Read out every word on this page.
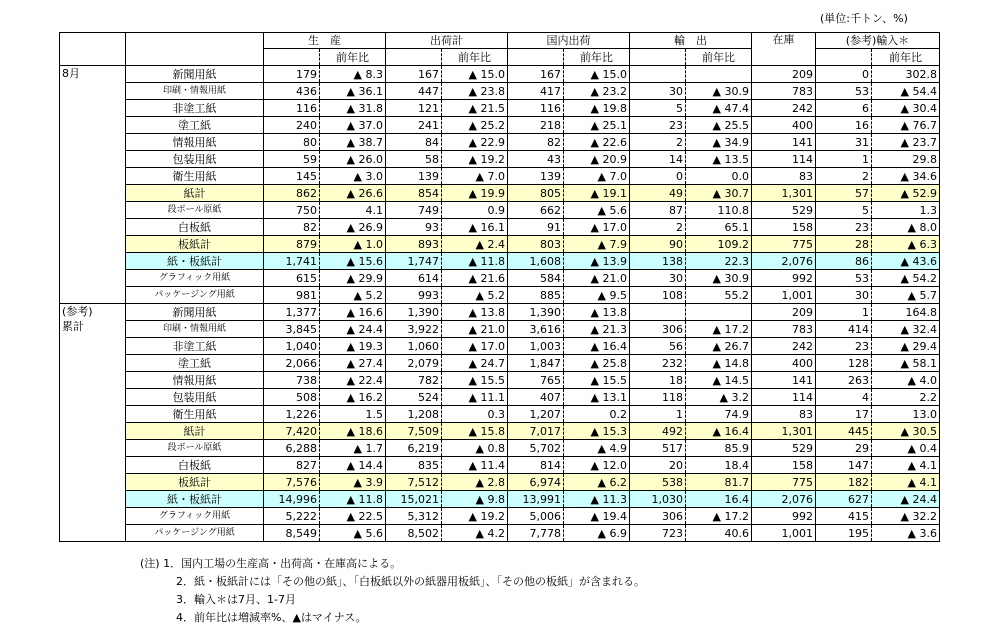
(単位:千トン、%)
		生　産		出荷計		国内出荷		輸　出		在庫	(参考)輸入＊	
			前年比		前年比		前年比		前年比			前年比
8月	新聞用紙	179	▲ 8.3	167	▲ 15.0	167	▲ 15.0			209	0	302.8
	印刷・情報用紙	436	▲ 36.1	447	▲ 23.8	417	▲ 23.2	30	▲ 30.9	783	53	▲ 54.4
	非塗工紙	116	▲ 31.8	121	▲ 21.5	116	▲ 19.8	5	▲ 47.4	242	6	▲ 30.4
	塗工紙	240	▲ 37.0	241	▲ 25.2	218	▲ 25.1	23	▲ 25.5	400	16	▲ 76.7
	情報用紙	80	▲ 38.7	84	▲ 22.9	82	▲ 22.6	2	▲ 34.9	141	31	▲ 23.7
	包装用紙	59	▲ 26.0	58	▲ 19.2	43	▲ 20.9	14	▲ 13.5	114	1	29.8
	衛生用紙	145	▲ 3.0	139	▲ 7.0	139	▲ 7.0	0	0.0	83	2	▲ 34.6
	紙計	862	▲ 26.6	854	▲ 19.9	805	▲ 19.1	49	▲ 30.7	1,301	57	▲ 52.9
	段ボール原紙	750	4.1	749	0.9	662	▲ 5.6	87	110.8	529	5	1.3
	白板紙	82	▲ 26.9	93	▲ 16.1	91	▲ 17.0	2	65.1	158	23	▲ 8.0
	板紙計	879	▲ 1.0	893	▲ 2.4	803	▲ 7.9	90	109.2	775	28	▲ 6.3
	紙・板紙計	1,741	▲ 15.6	1,747	▲ 11.8	1,608	▲ 13.9	138	22.3	2,076	86	▲ 43.6
	グラフィック用紙	615	▲ 29.9	614	▲ 21.6	584	▲ 21.0	30	▲ 30.9	992	53	▲ 54.2
	パッケージング用紙	981	▲ 5.2	993	▲ 5.2	885	▲ 9.5	108	55.2	1,001	30	▲ 5.7
(参考)
累計	新聞用紙	1,377	▲ 16.6	1,390	▲ 13.8	1,390	▲ 13.8			209	1	164.8
	印刷・情報用紙	3,845	▲ 24.4	3,922	▲ 21.0	3,616	▲ 21.3	306	▲ 17.2	783	414	▲ 32.4
	非塗工紙	1,040	▲ 19.3	1,060	▲ 17.0	1,003	▲ 16.4	56	▲ 26.7	242	23	▲ 29.4
	塗工紙	2,066	▲ 27.4	2,079	▲ 24.7	1,847	▲ 25.8	232	▲ 14.8	400	128	▲ 58.1
	情報用紙	738	▲ 22.4	782	▲ 15.5	765	▲ 15.5	18	▲ 14.5	141	263	▲ 4.0
	包装用紙	508	▲ 16.2	524	▲ 11.1	407	▲ 13.1	118	▲ 3.2	114	4	2.2
	衛生用紙	1,226	1.5	1,208	0.3	1,207	0.2	1	74.9	83	17	13.0
	紙計	7,420	▲ 18.6	7,509	▲ 15.8	7,017	▲ 15.3	492	▲ 16.4	1,301	445	▲ 30.5
	段ボール原紙	6,288	▲ 1.7	6,219	▲ 0.8	5,702	▲ 4.9	517	85.9	529	29	▲ 0.4
	白板紙	827	▲ 14.4	835	▲ 11.4	814	▲ 12.0	20	18.4	158	147	▲ 4.1
	板紙計	7,576	▲ 3.9	7,512	▲ 2.8	6,974	▲ 6.2	538	81.7	775	182	▲ 4.1
	紙・板紙計	14,996	▲ 11.8	15,021	▲ 9.8	13,991	▲ 11.3	1,030	16.4	2,076	627	▲ 24.4
	グラフィック用紙	5,222	▲ 22.5	5,312	▲ 19.2	5,006	▲ 19.4	306	▲ 17.2	992	415	▲ 32.2
	パッケージング用紙	8,549	▲ 5.6	8,502	▲ 4.2	7,778	▲ 6.9	723	40.6	1,001	195	▲ 3.6
(注) 1．国内工場の生産高・出荷高・在庫高による。
2．紙・板紙計には「その他の紙」、「白板紙以外の紙器用板紙」、「その他の板紙」が含まれる。
3．輸入＊は7月、1-7月
4．前年比は増減率%、▲はマイナス。
